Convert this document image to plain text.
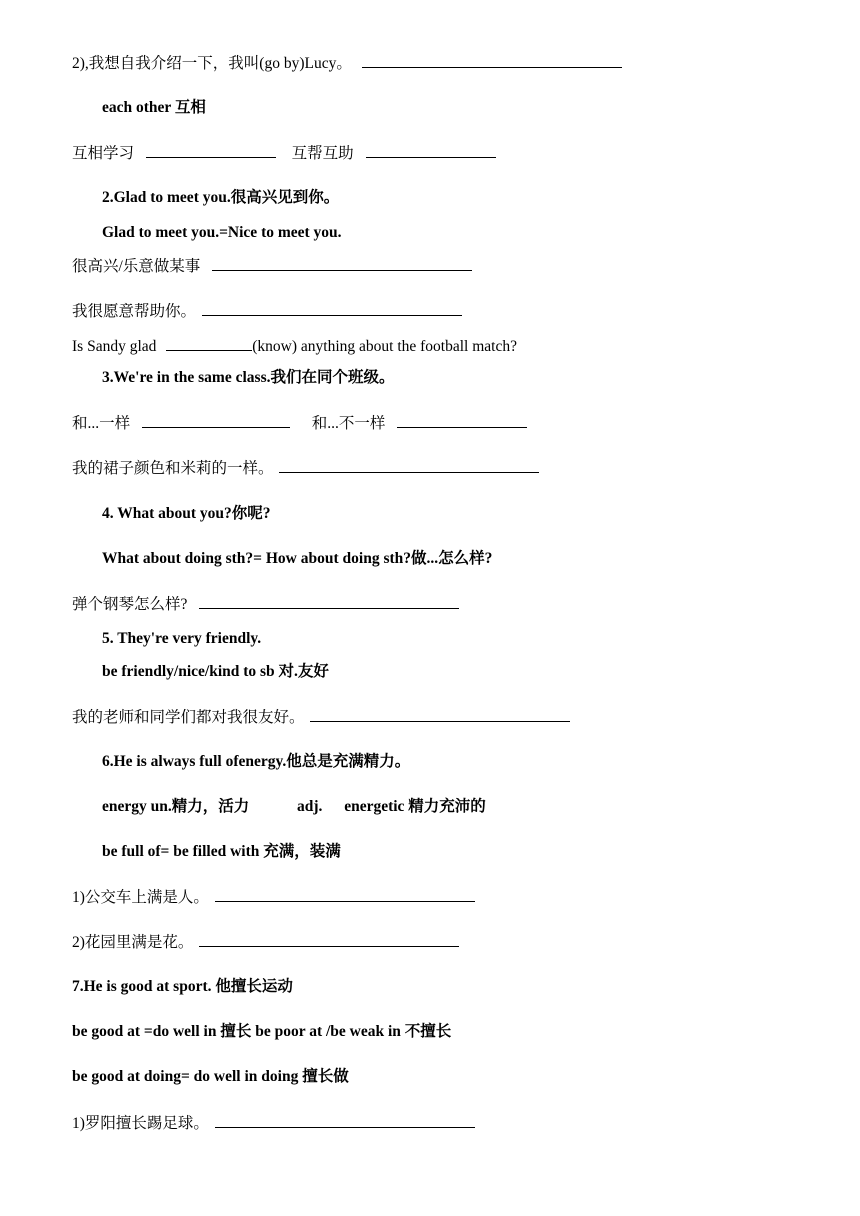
2),我想自我介绍一下，我叫(go by)Lucy。
each other 互相
互相学习	互帮互助
2.Glad to meet you.很高兴见到你。
Glad to meet you.=Nice to meet you.
很高兴/乐意做某事
我很愿意帮助你。
Is Sandy glad	(know) anything about the football match?
3.We're in the same class.我们在同个班级。
和...一样	和...不一样
我的裙子颜色和米莉的一样。
4. What about you?你呢?
What about doing sth?= How about doing sth?做...怎么样?
弹个钢琴怎么样?
5. They're very friendly.
be friendly/nice/kind to sb 对.友好
我的老师和同学们都对我很友好。
6.He is always full ofenergy.他总是充满精力。
energy un.精力，活力	adj. energetic 精力充沛的
be full of= be filled with 充满，装满
1)公交车上满是人。
2)花园里满是花。
7.He is good at sport. 他擅长运动
be good at =do well in 擅长 be poor at /be weak in 不擅长
be good at doing= do well in doing 擅长做
1)罗阳擅长踢足球。
